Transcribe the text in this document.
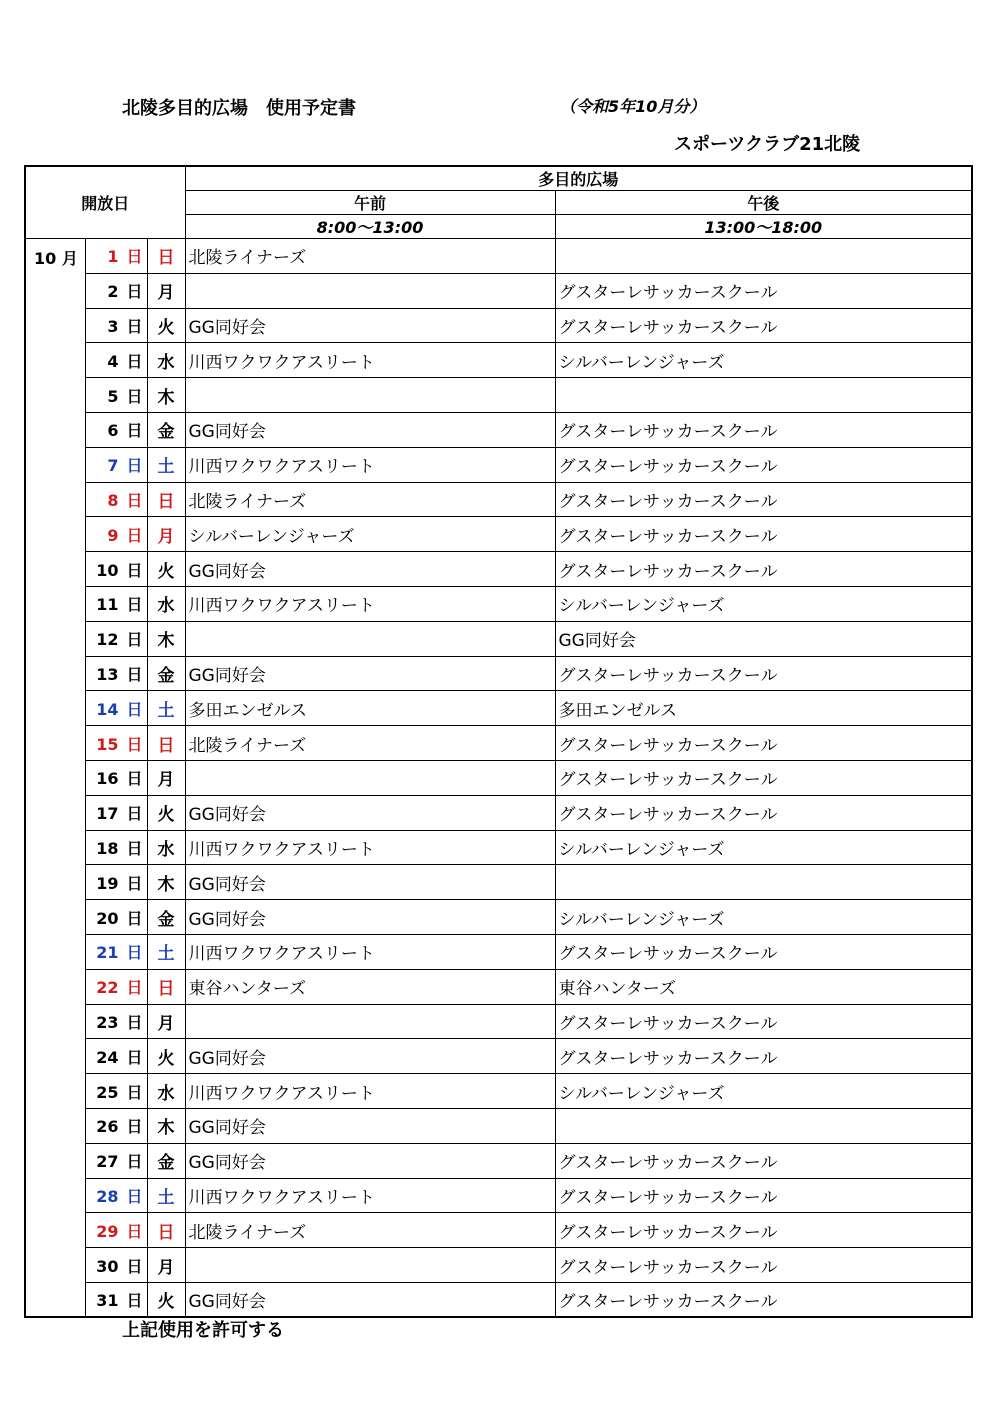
北陵多目的広場　使用予定書	（令和5年10月分）
スポーツクラブ21北陵
開放日			多目的広場	
			午前	午後
			8:00～13:00	13:00～18:00
10 月	1 日	日	北陵ライナーズ	
	2 日	月		グスターレサッカースクール
	3 日	火	GG同好会	グスターレサッカースクール
	4 日	水	川西ワクワクアスリート	シルバーレンジャーズ
	5 日	木		
	6 日	金	GG同好会	グスターレサッカースクール
	7 日	土	川西ワクワクアスリート	グスターレサッカースクール
	8 日	日	北陵ライナーズ	グスターレサッカースクール
	9 日	月	シルバーレンジャーズ	グスターレサッカースクール
	10 日	火	GG同好会	グスターレサッカースクール
	11 日	水	川西ワクワクアスリート	シルバーレンジャーズ
	12 日	木		GG同好会
	13 日	金	GG同好会	グスターレサッカースクール
	14 日	土	多田エンゼルス	多田エンゼルス
	15 日	日	北陵ライナーズ	グスターレサッカースクール
	16 日	月		グスターレサッカースクール
	17 日	火	GG同好会	グスターレサッカースクール
	18 日	水	川西ワクワクアスリート	シルバーレンジャーズ
	19 日	木	GG同好会	
	20 日	金	GG同好会	シルバーレンジャーズ
	21 日	土	川西ワクワクアスリート	グスターレサッカースクール
	22 日	日	東谷ハンターズ	東谷ハンターズ
	23 日	月		グスターレサッカースクール
	24 日	火	GG同好会	グスターレサッカースクール
	25 日	水	川西ワクワクアスリート	シルバーレンジャーズ
	26 日	木	GG同好会	
	27 日	金	GG同好会	グスターレサッカースクール
	28 日	土	川西ワクワクアスリート	グスターレサッカースクール
	29 日	日	北陵ライナーズ	グスターレサッカースクール
	30 日	月		グスターレサッカースクール
	31 日	火	GG同好会	グスターレサッカースクール
上記使用を許可する
